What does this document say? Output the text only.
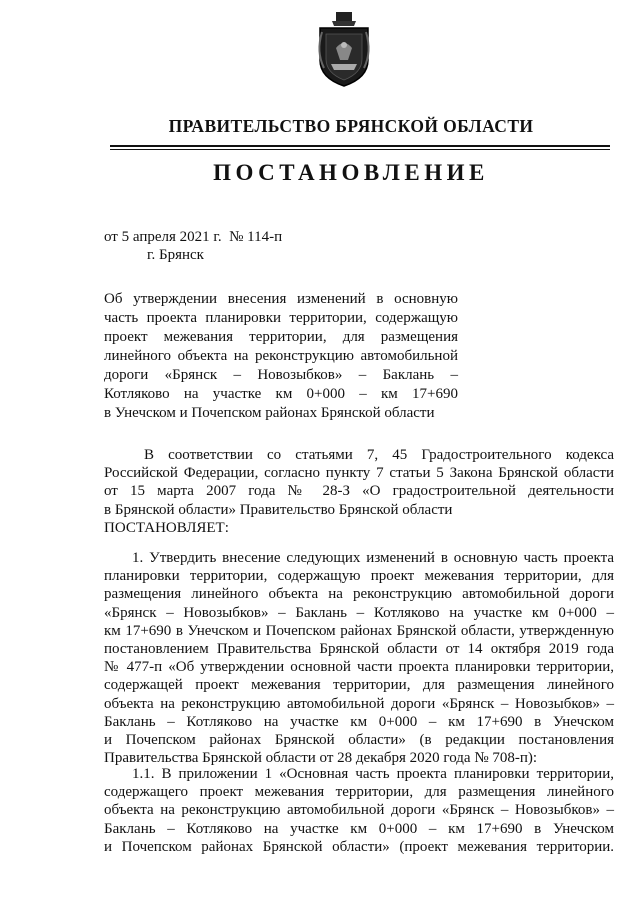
ПРАВИТЕЛЬСТВО БРЯНСКОЙ ОБЛАСТИ
ПОСТАНОВЛЕНИЕ
от 5 апреля 2021 г.  № 114-п
г. Брянск
Об утверждении внесения изменений в основную
часть проекта планировки территории, содержащую
проект межевания территории, для размещения
линейного объекта на реконструкцию автомобильной
дороги «Брянск – Новозыбков» – Баклань –
Котляково на участке км 0+000 – км 17+690
в Унечском и Почепском районах Брянской области
В соответствии со статьями 7, 45 Градостроительного кодекса
Российской Федерации, согласно пункту 7 статьи 5 Закона Брянской области
от 15 марта 2007 года № 28-З «О градостроительной деятельности
в Брянской области» Правительство Брянской области
ПОСТАНОВЛЯЕТ:
1. Утвердить внесение следующих изменений в основную часть проекта
планировки территории, содержащую проект межевания территории, для
размещения линейного объекта на реконструкцию автомобильной дороги
«Брянск – Новозыбков» – Баклань – Котляково на участке км 0+000 –
км 17+690 в Унечском и Почепском районах Брянской области, утвержденную
постановлением Правительства Брянской области от 14 октября 2019 года
№ 477-п «Об утверждении основной части проекта планировки территории,
содержащей проект межевания территории, для размещения линейного
объекта на реконструкцию автомобильной дороги «Брянск – Новозыбков» –
Баклань – Котляково на участке км 0+000 – км 17+690 в Унечском
и Почепском районах Брянской области» (в редакции постановления
Правительства Брянской области от 28 декабря 2020 года № 708-п):
1.1. В приложении 1 «Основная часть проекта планировки территории,
содержащего проект межевания территории, для размещения линейного
объекта на реконструкцию автомобильной дороги «Брянск – Новозыбков» –
Баклань – Котляково на участке км 0+000 – км 17+690 в Унечском
и Почепском районах Брянской области» (проект межевания территории.
